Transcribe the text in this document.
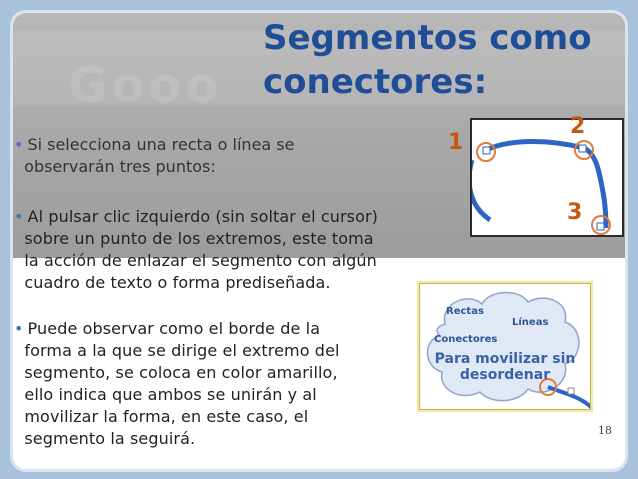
Gooo
Segmentos como
conectores:

• Si selecciona una recta o línea se
observarán tres puntos:

• Al pulsar clic izquierdo (sin soltar el cursor)
sobre un punto de los extremos, este toma
la acción de enlazar el segmento con algún
cuadro de texto o forma prediseñada.

• Puede observar como el borde de la
forma a la que se dirige el extremo del
segmento, se coloca en color amarillo,
ello indica que ambos se unirán y al
movilizar la forma, en este caso, el
segmento la seguirá.

1
2
3
Rectas
Líneas
Conectores
Para movilizar sin
desordenar
18
